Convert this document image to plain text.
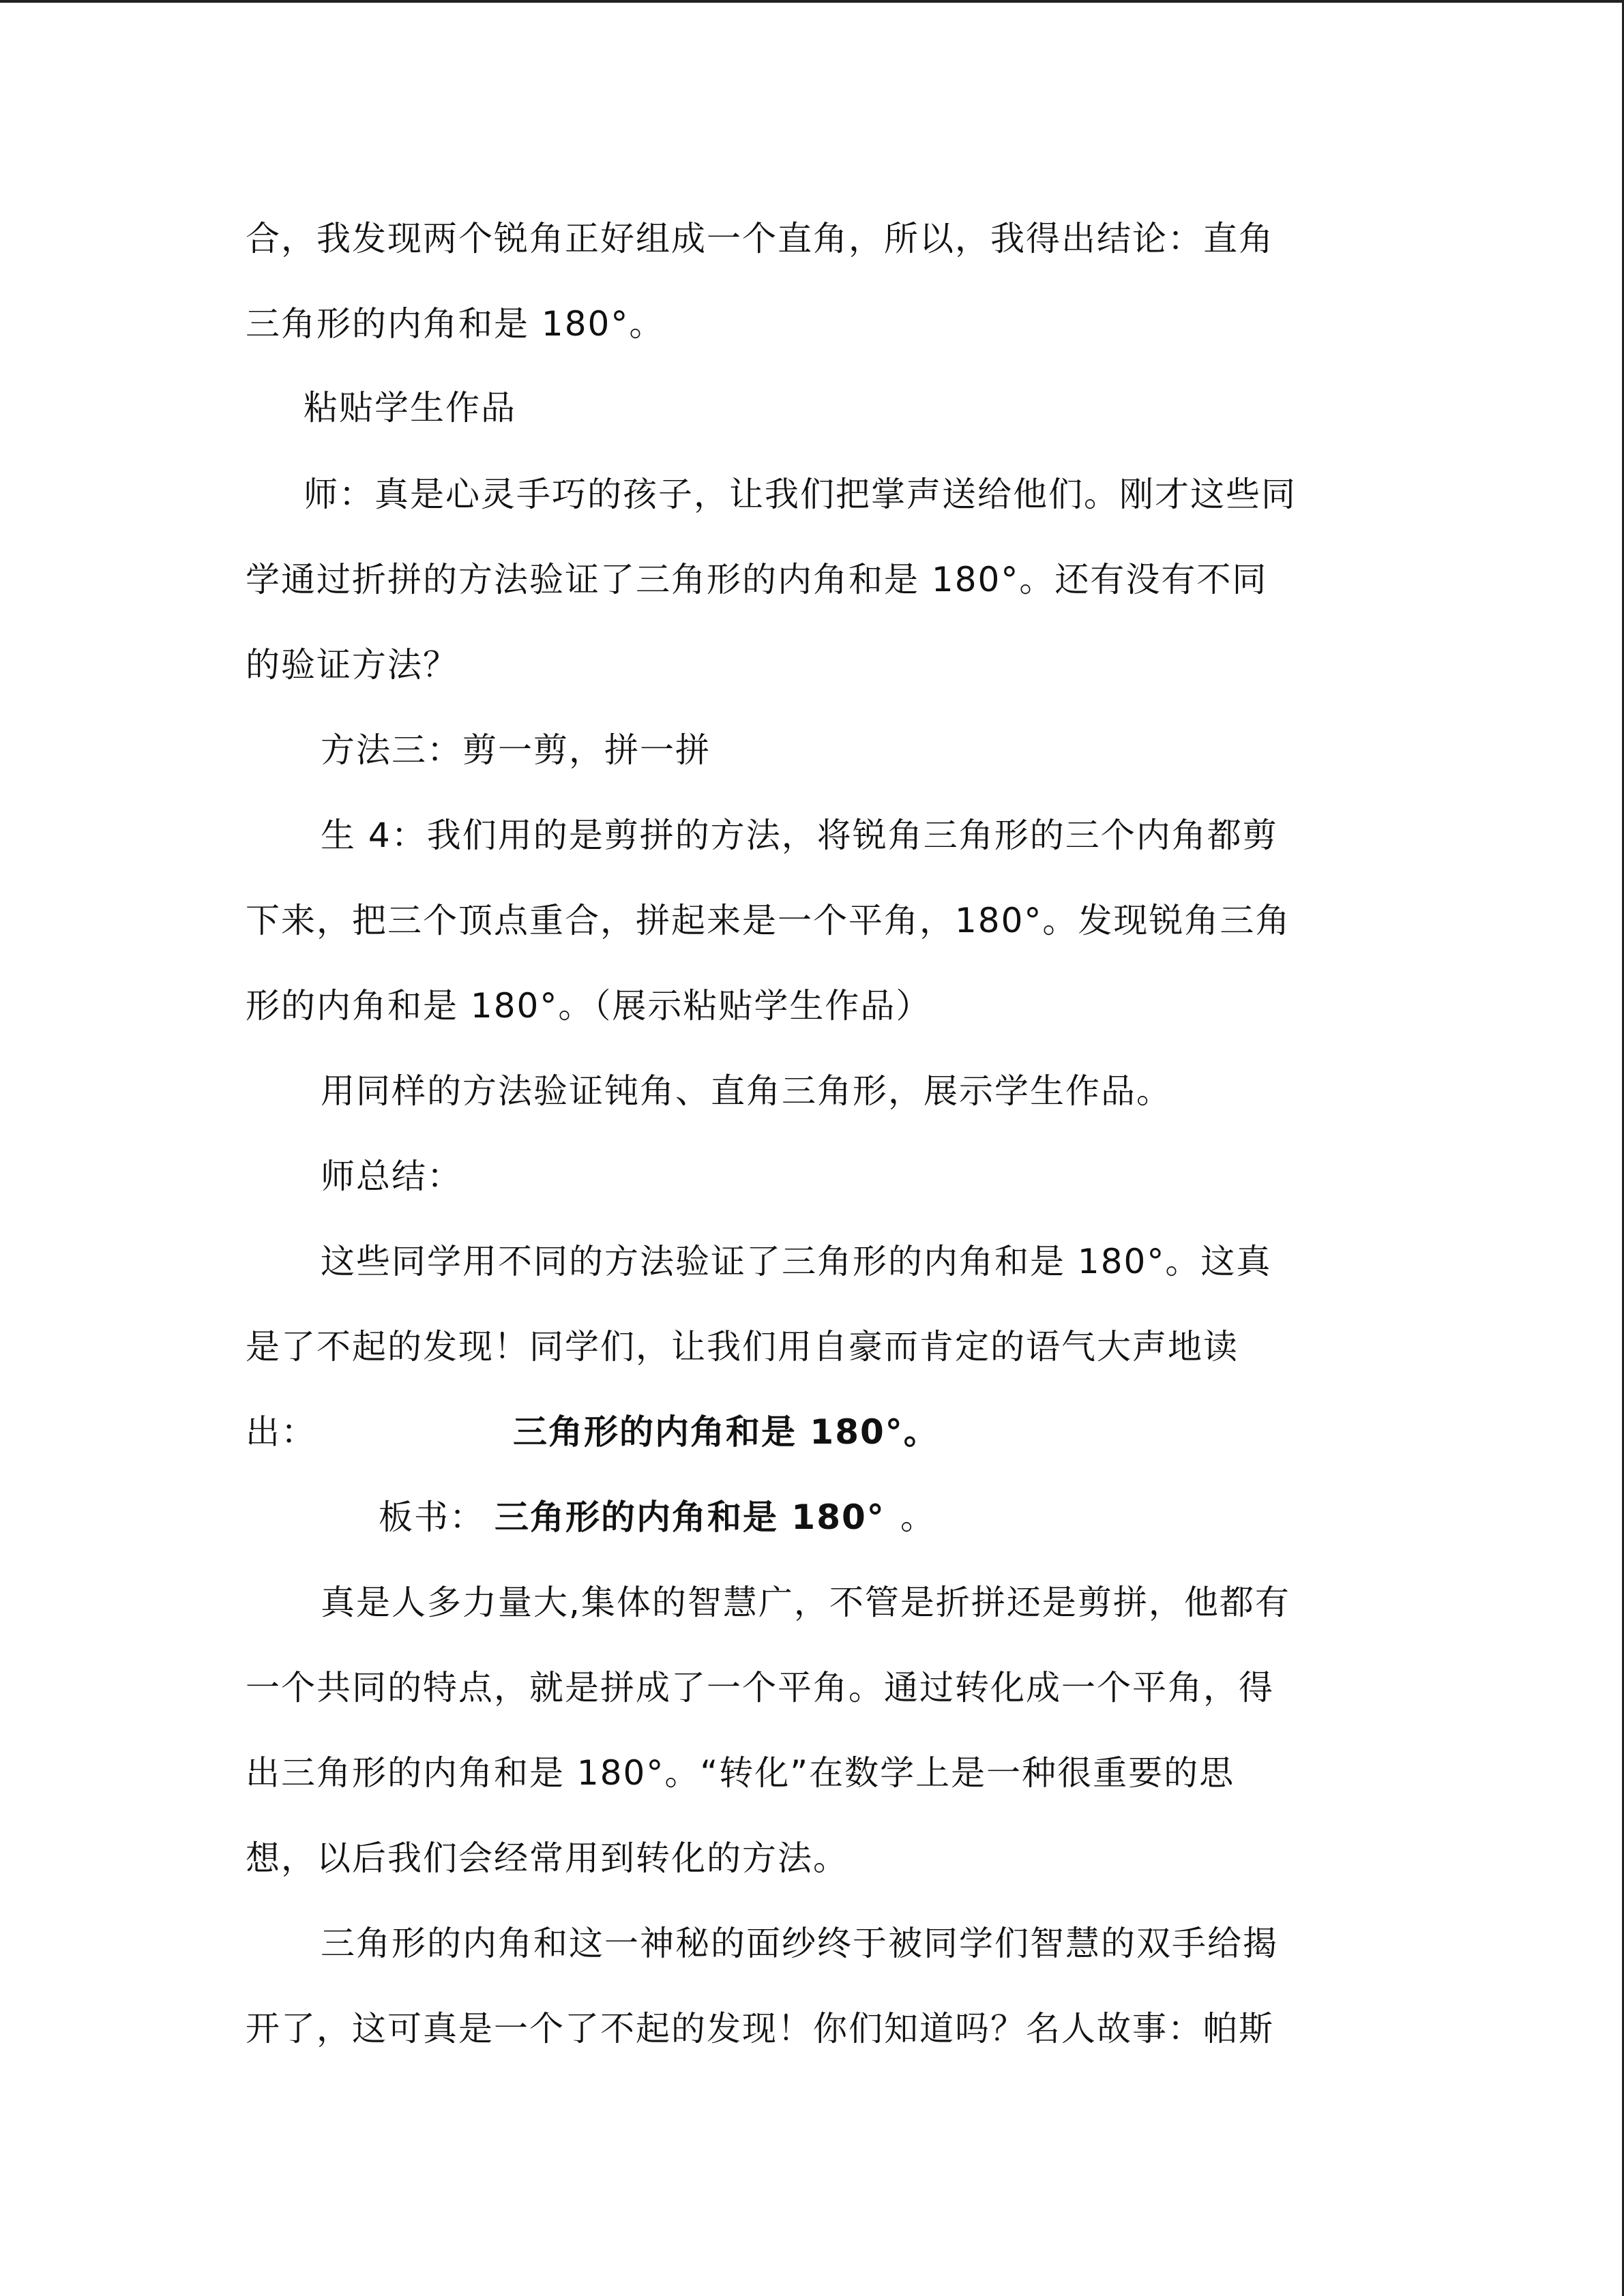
合，我发现两个锐角正好组成一个直角，所以，我得出结论：直角
三角形的内角和是 180°。
粘贴学生作品
师：真是心灵手巧的孩子，让我们把掌声送给他们。刚才这些同
学通过折拼的方法验证了三角形的内角和是 180°。还有没有不同
的验证方法？
方法三：剪一剪，拼一拼
生 4：我们用的是剪拼的方法，将锐角三角形的三个内角都剪
下来，把三个顶点重合，拼起来是一个平角，180°。发现锐角三角
形的内角和是 180°。（展示粘贴学生作品）
用同样的方法验证钝角、直角三角形，展示学生作品。
师总结：
这些同学用不同的方法验证了三角形的内角和是 180°。这真
是了不起的发现！同学们，让我们用自豪而肯定的语气大声地读
出：	三角形的内角和是 180°。
板书： 三角形的内角和是 180° 。
真是人多力量大,集体的智慧广，不管是折拼还是剪拼，他都有
一个共同的特点，就是拼成了一个平角。通过转化成一个平角，得
出三角形的内角和是 180°。“转化”在数学上是一种很重要的思
想，以后我们会经常用到转化的方法。
三角形的内角和这一神秘的面纱终于被同学们智慧的双手给揭
开了，这可真是一个了不起的发现！你们知道吗？名人故事：帕斯
